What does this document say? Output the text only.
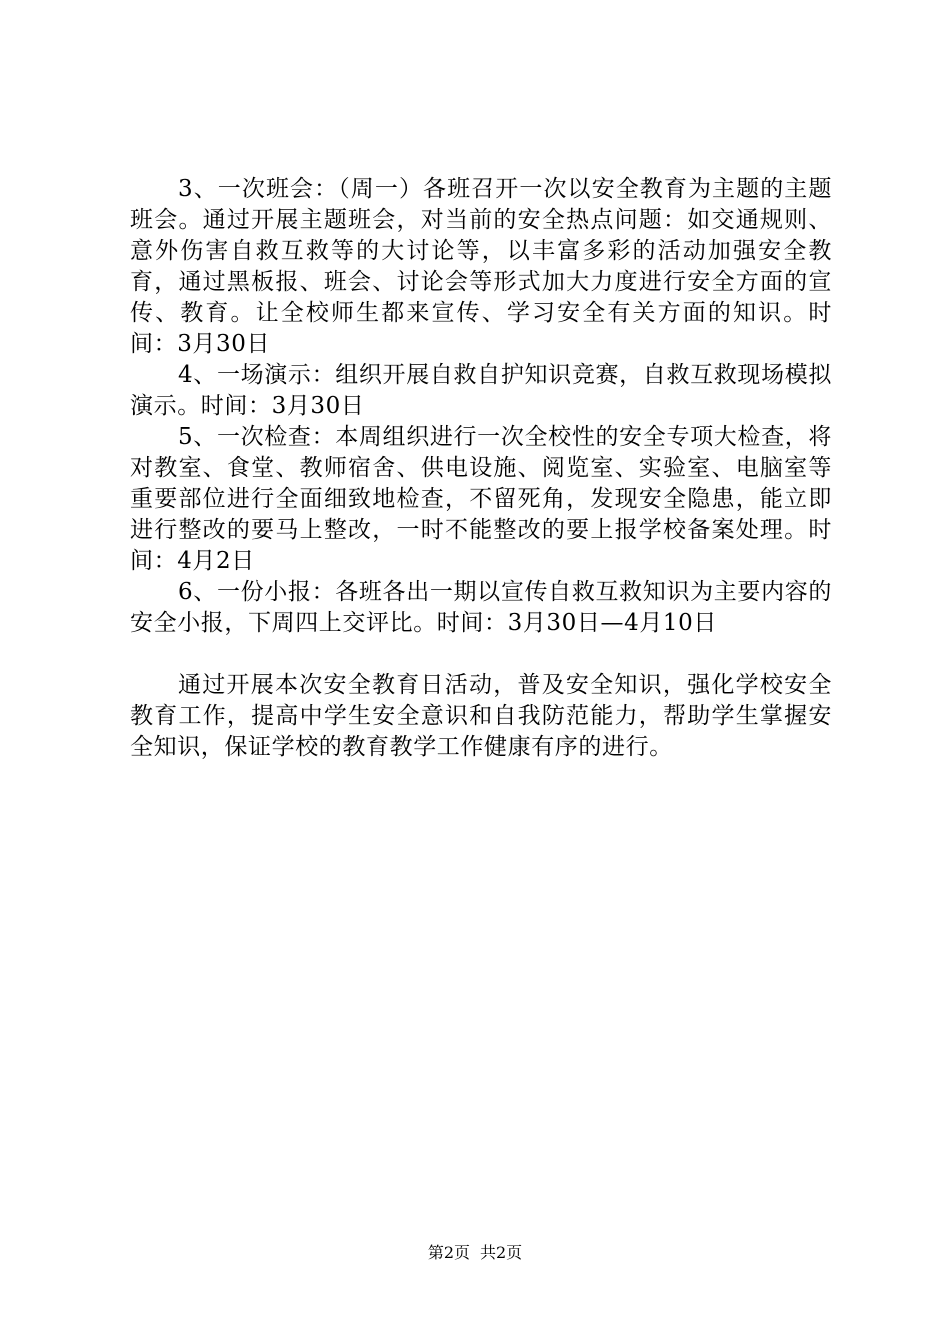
3、一次班会：（周一）各班召开一次以安全教育为主题的主题班会。通过开展主题班会，对当前的安全热点问题：如交通规则、意外伤害自救互救等的大讨论等，以丰富多彩的活动加强安全教育，通过黑板报、班会、讨论会等形式加大力度进行安全方面的宣传、教育。让全校师生都来宣传、学习安全有关方面的知识。时间：3月30日

4、一场演示：组织开展自救自护知识竞赛，自救互救现场模拟演示。时间：3月30日

5、一次检查：本周组织进行一次全校性的安全专项大检查，将对教室、食堂、教师宿舍、供电设施、阅览室、实验室、电脑室等重要部位进行全面细致地检查，不留死角，发现安全隐患，能立即进行整改的要马上整改，一时不能整改的要上报学校备案处理。时间：4月2日

6、一份小报：各班各出一期以宣传自救互救知识为主要内容的安全小报，下周四上交评比。时间：3月30日—4月10日

通过开展本次安全教育日活动，普及安全知识，强化学校安全教育工作，提高中学生安全意识和自我防范能力，帮助学生掌握安全知识，保证学校的教育教学工作健康有序的进行。

第2页 共2页
